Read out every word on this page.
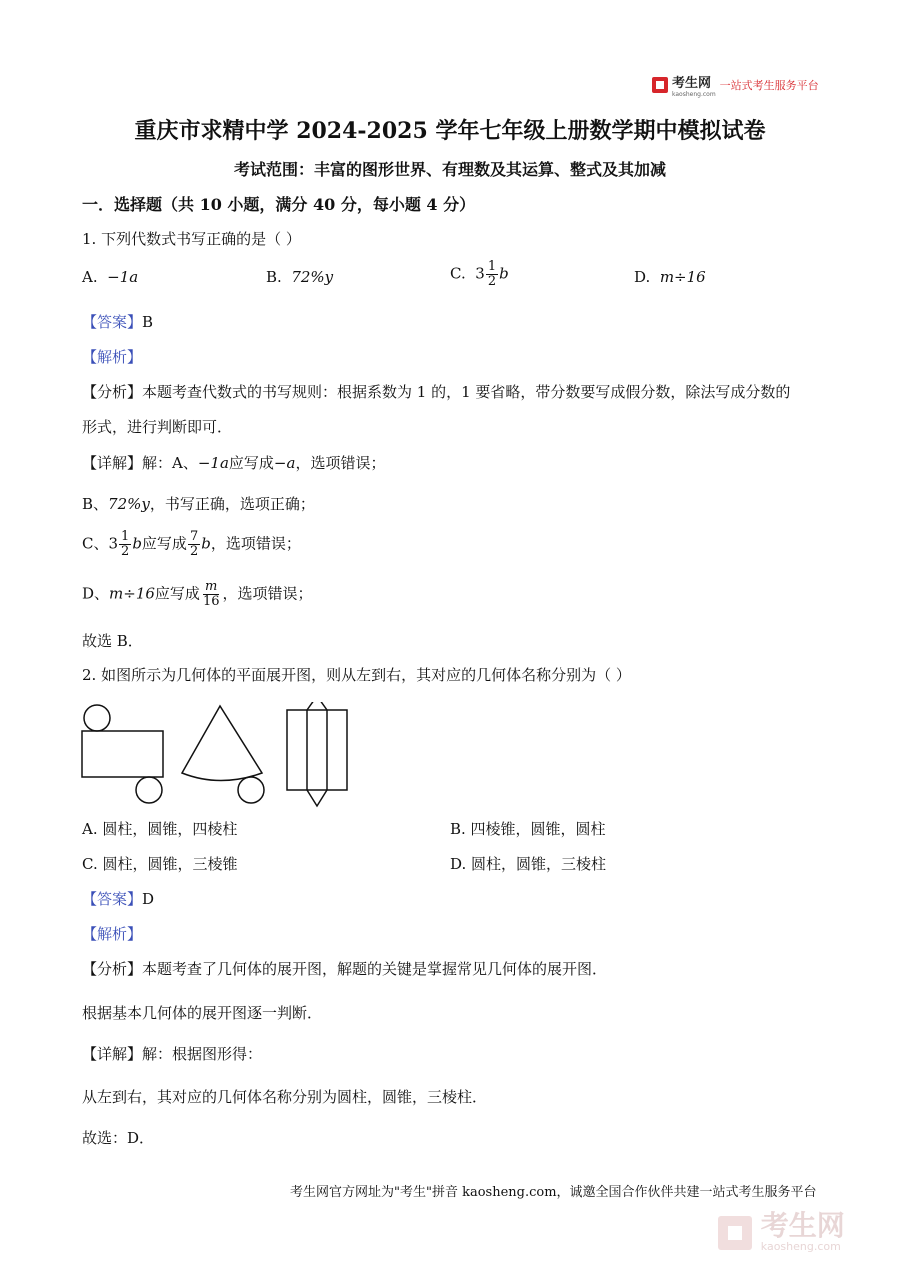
考生网
kaosheng.com
一站式考生服务平台
重庆市求精中学 2024-2025 学年七年级上册数学期中模拟试卷
考试范围：丰富的图形世界、有理数及其运算、整式及其加减
一．选择题（共 10 小题，满分 40 分，每小题 4 分）
1. 下列代数式书写正确的是（ ）
A. −1a	B. 72%y	C. $3 \frac{1}{2}$ b	D. m÷16
【答案】B
【解析】
【分析】本题考查代数式的书写规则：根据系数为 1 的，1 要省略，带分数要写成假分数，除法写成分数的
形式，进行判断即可．
【详解】解：A、−1a应写成−a，选项错误；
B、72%y，书写正确，选项正确；
C、$3 \frac{1}{2}$ b应写成 $\frac{7}{2}$ b，选项错误；
D、m÷16应写成 $\frac{m}{16}$ ，选项错误；
故选 B．
2. 如图所示为几何体的平面展开图，则从左到右，其对应的几何体名称分别为（ ）
A. 圆柱，圆锥，四棱柱	B. 四棱锥，圆锥，圆柱
C. 圆柱，圆锥，三棱锥	D. 圆柱，圆锥，三棱柱
【答案】D
【解析】
【分析】本题考查了几何体的展开图，解题的关键是掌握常见几何体的展开图．
根据基本几何体的展开图逐一判断．
【详解】解：根据图形得：
从左到右，其对应的几何体名称分别为圆柱，圆锥，三棱柱．
故选：D．
考生网官方网址为"考生"拼音 kaosheng.com，诚邀全国合作伙伴共建一站式考生服务平台

考生网
kaosheng.com
